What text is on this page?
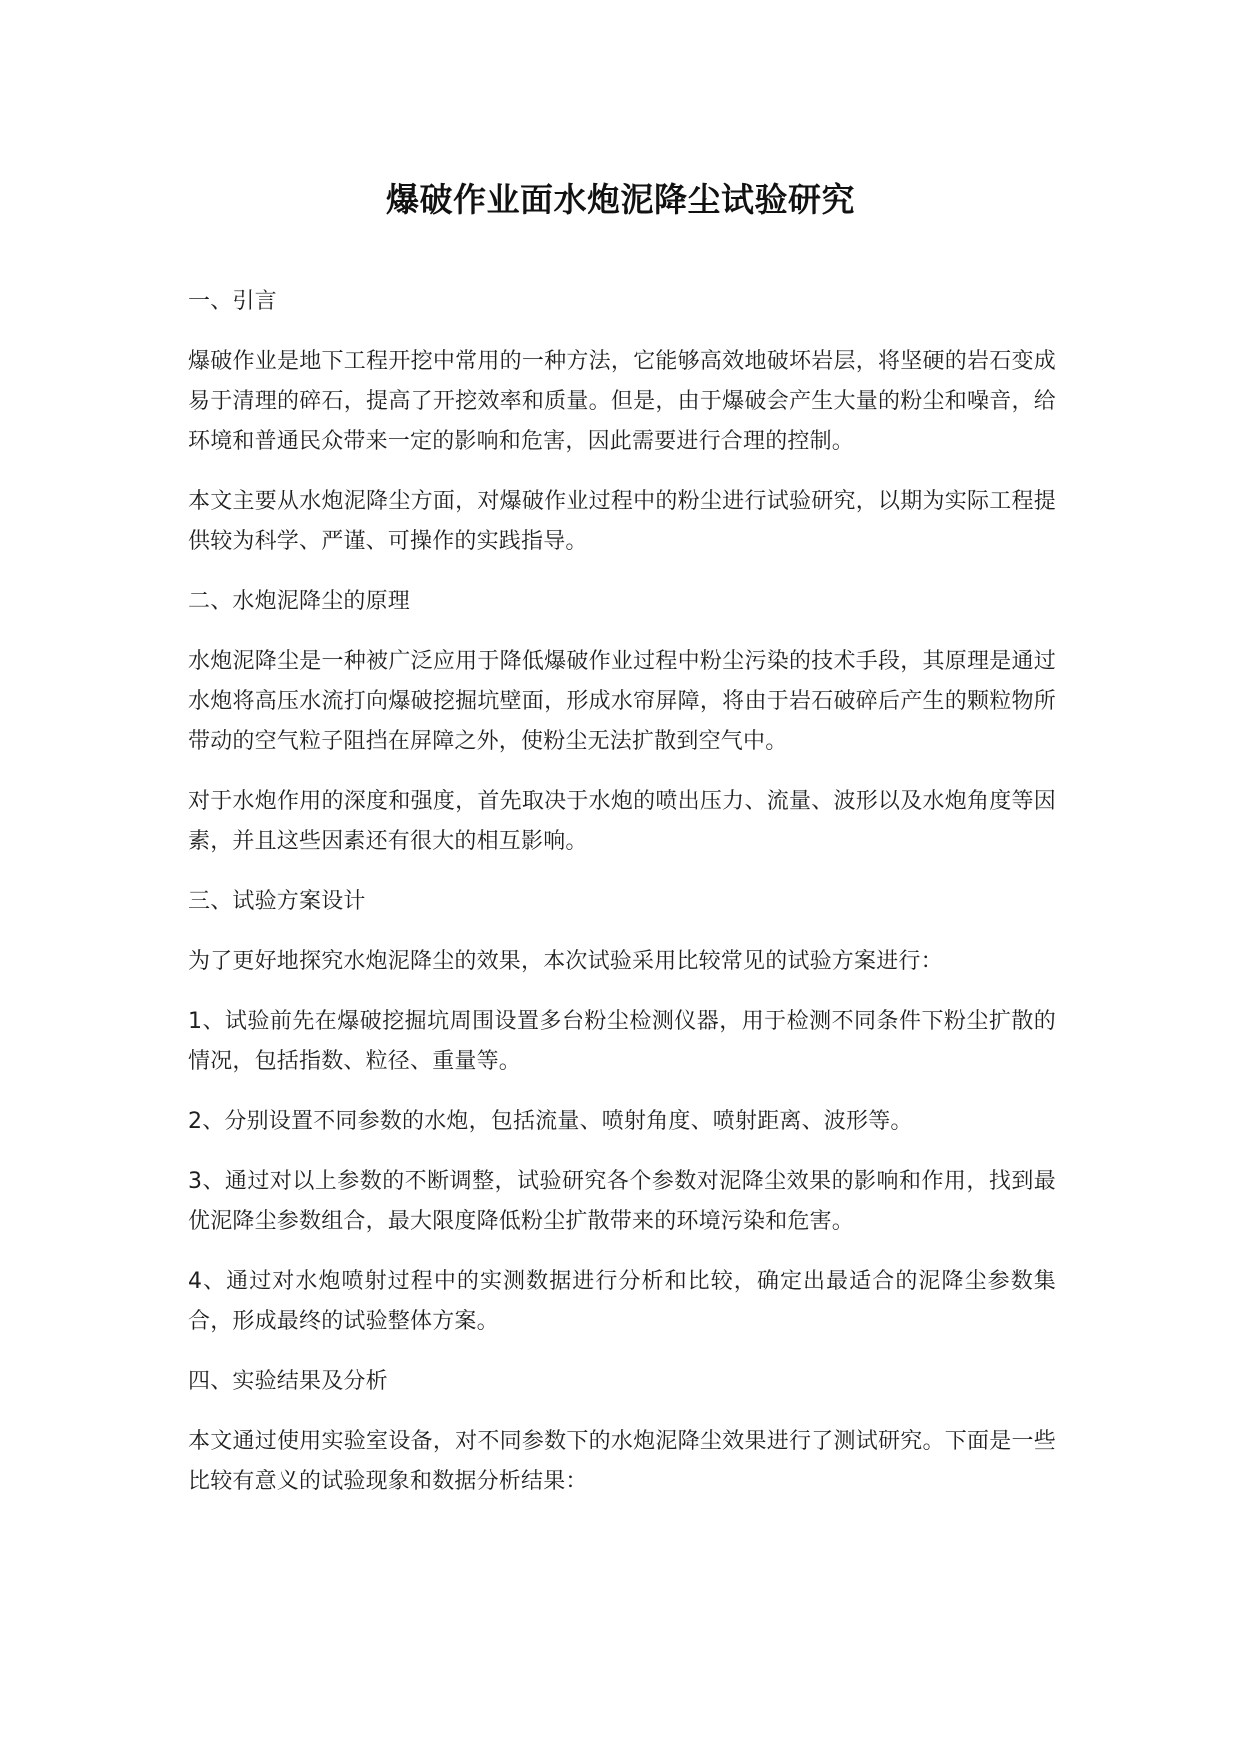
爆破作业面水炮泥降尘试验研究
一、引言
爆破作业是地下工程开挖中常用的一种方法，它能够高效地破坏岩层，将坚硬的岩石变成易于清理的碎石，提高了开挖效率和质量。但是，由于爆破会产生大量的粉尘和噪音，给环境和普通民众带来一定的影响和危害，因此需要进行合理的控制。
本文主要从水炮泥降尘方面，对爆破作业过程中的粉尘进行试验研究，以期为实际工程提供较为科学、严谨、可操作的实践指导。
二、水炮泥降尘的原理
水炮泥降尘是一种被广泛应用于降低爆破作业过程中粉尘污染的技术手段，其原理是通过水炮将高压水流打向爆破挖掘坑壁面，形成水帘屏障，将由于岩石破碎后产生的颗粒物所带动的空气粒子阻挡在屏障之外，使粉尘无法扩散到空气中。
对于水炮作用的深度和强度，首先取决于水炮的喷出压力、流量、波形以及水炮角度等因素，并且这些因素还有很大的相互影响。
三、试验方案设计
为了更好地探究水炮泥降尘的效果，本次试验采用比较常见的试验方案进行：
1、试验前先在爆破挖掘坑周围设置多台粉尘检测仪器，用于检测不同条件下粉尘扩散的情况，包括指数、粒径、重量等。
2、分别设置不同参数的水炮，包括流量、喷射角度、喷射距离、波形等。
3、通过对以上参数的不断调整，试验研究各个参数对泥降尘效果的影响和作用，找到最优泥降尘参数组合，最大限度降低粉尘扩散带来的环境污染和危害。
4、通过对水炮喷射过程中的实测数据进行分析和比较，确定出最适合的泥降尘参数集合，形成最终的试验整体方案。
四、实验结果及分析
本文通过使用实验室设备，对不同参数下的水炮泥降尘效果进行了测试研究。下面是一些比较有意义的试验现象和数据分析结果：
